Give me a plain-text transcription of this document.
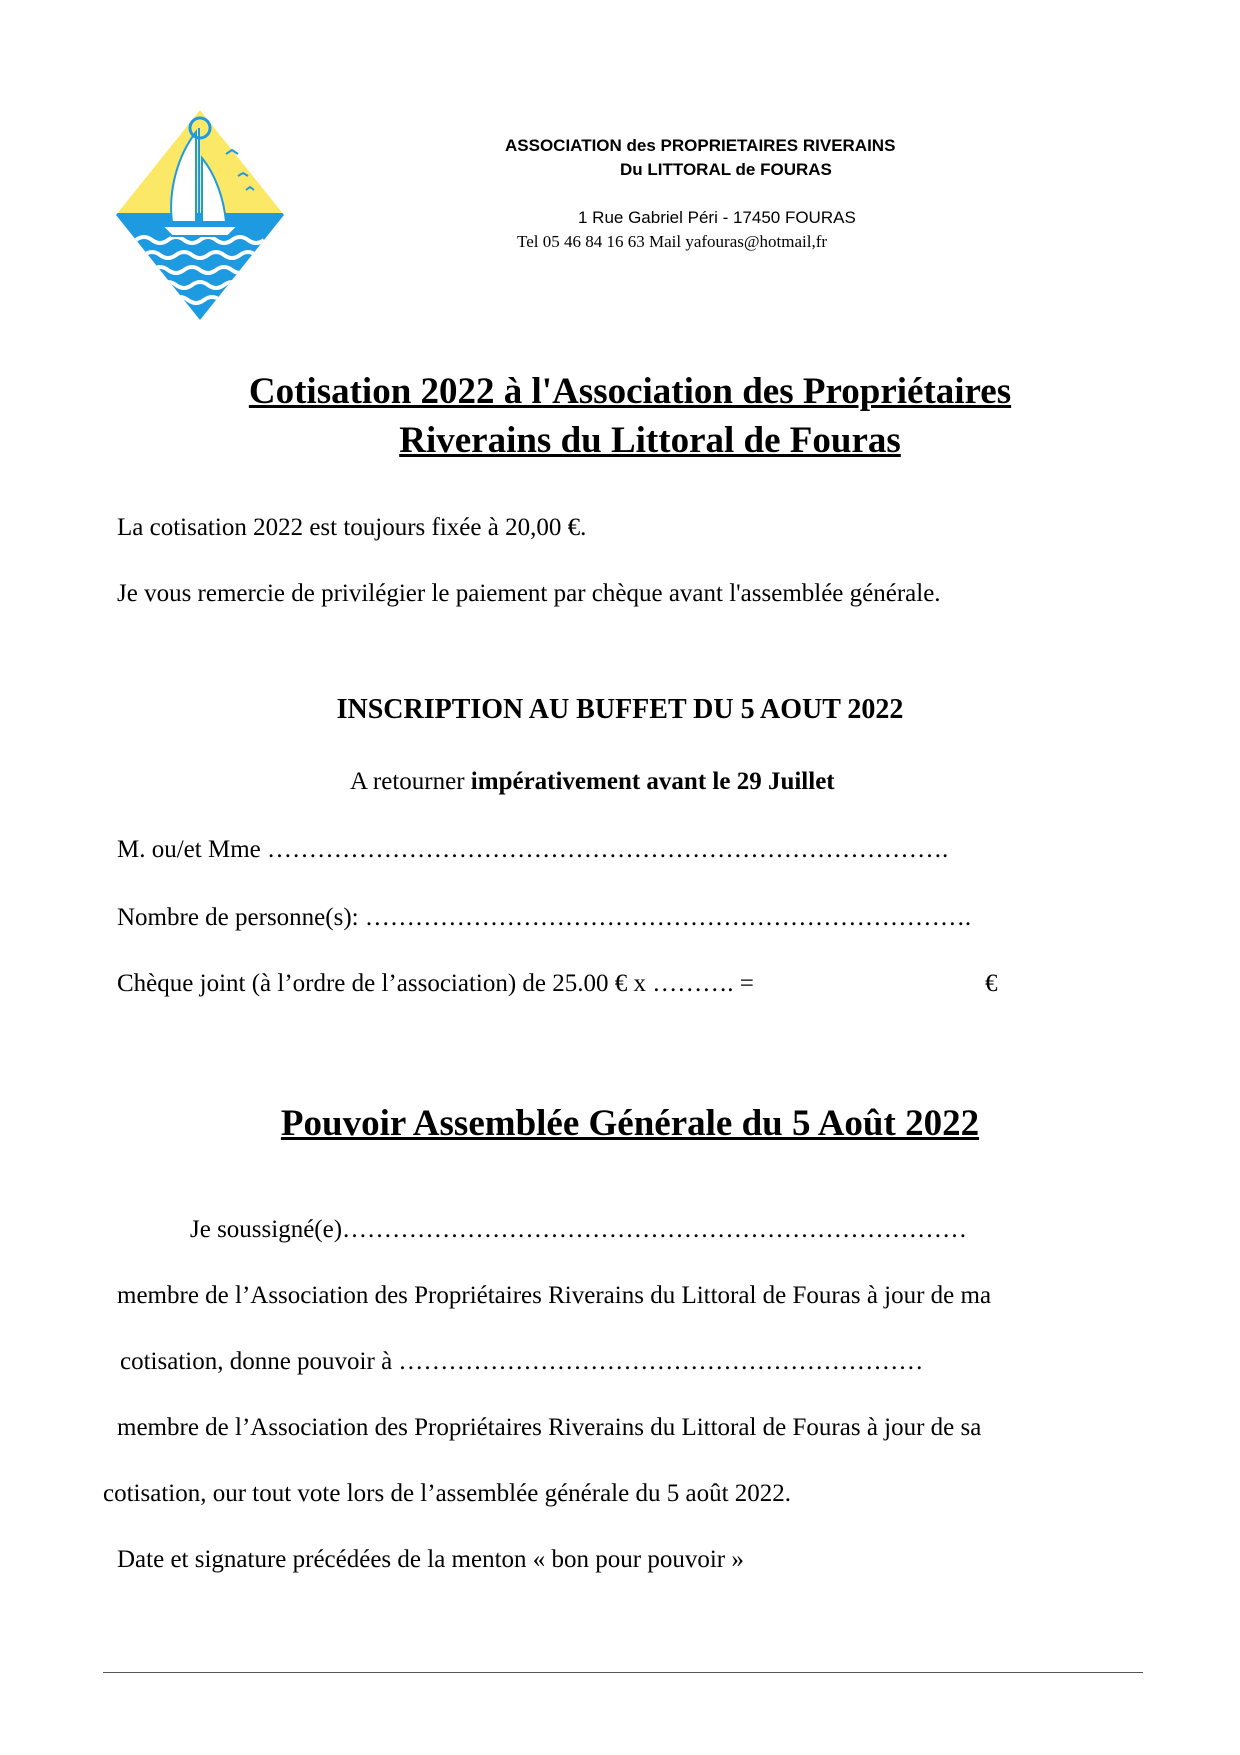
ASSOCIATION des PROPRIETAIRES RIVERAINS
Du LITTORAL de FOURAS
1 Rue Gabriel Péri - 17450 FOURAS
Tel 05 46 84 16 63 Mail yafouras@hotmail,fr
Cotisation 2022 à l'Association des Propriétaires
Riverains du Littoral de Fouras
La cotisation 2022 est toujours fixée à 20,00 €.
Je vous remercie de privilégier le paiement par chèque avant l'assemblée générale.
INSCRIPTION AU BUFFET DU 5 AOUT 2022
A retourner impérativement avant le 29 Juillet
M. ou/et Mme ……………………………………………………………………….
Nombre de personne(s): ……………………………………………………………….
Chèque joint (à l’ordre de l’association) de 25.00 € x ………. =	€
Pouvoir Assemblée Générale du 5 Août 2022
Je soussigné(e)…………………………………………………………………
membre de l’Association des Propriétaires Riverains du Littoral de Fouras à jour de ma
cotisation, donne pouvoir à ………………………………………………………
membre de l’Association des Propriétaires Riverains du Littoral de Fouras à jour de sa
cotisation, our tout vote lors de l’assemblée générale du 5 août 2022.
Date et signature précédées de la menton « bon pour pouvoir »
